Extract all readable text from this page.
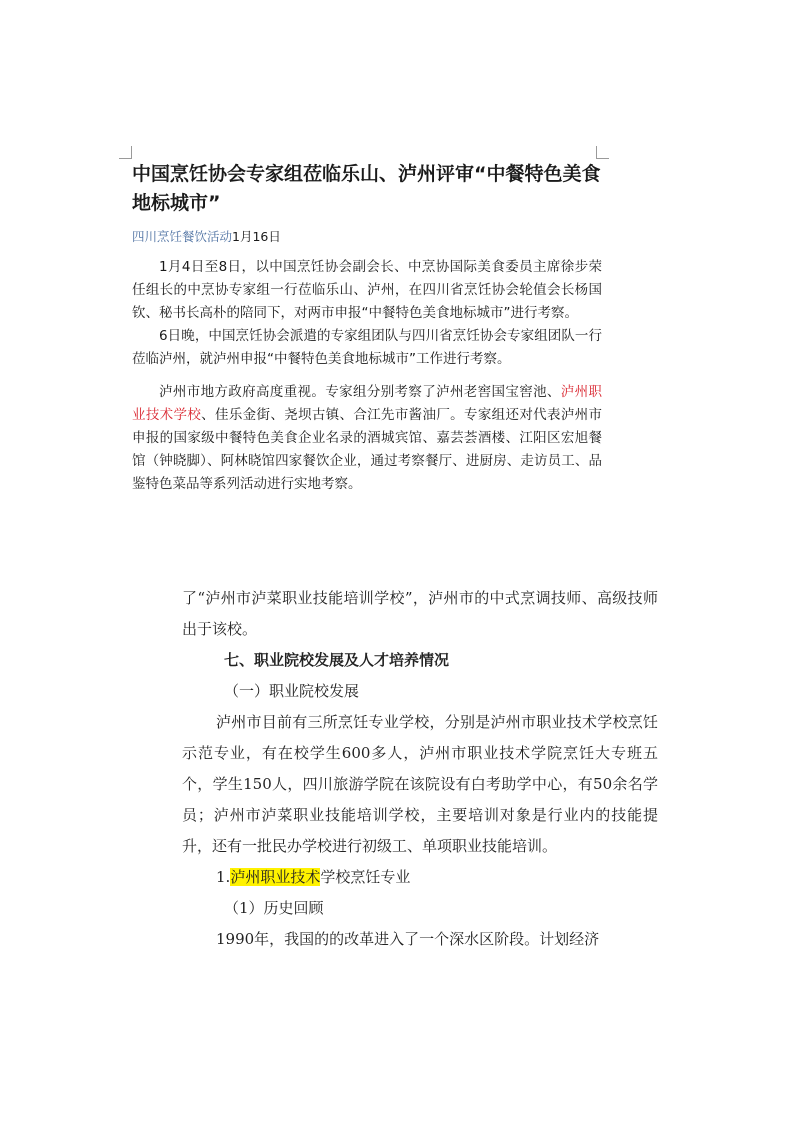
中国烹饪协会专家组莅临乐山、泸州评审“中餐特色美食地标城市”
四川烹饪餐饮活动1月16日

1月4日至8日，以中国烹饪协会副会长、中烹协国际美食委员主席徐步荣任组长的中烹协专家组一行莅临乐山、泸州，在四川省烹饪协会轮值会长杨国钦、秘书长高朴的陪同下，对两市申报“中餐特色美食地标城市”进行考察。

6日晚，中国烹饪协会派遣的专家组团队与四川省烹饪协会专家组团队一行莅临泸州，就泸州申报“中餐特色美食地标城市”工作进行考察。

泸州市地方政府高度重视。专家组分别考察了泸州老窖国宝窖池、泸州职业技术学校、佳乐金街、尧坝古镇、合江先市酱油厂。专家组还对代表泸州市申报的国家级中餐特色美食企业名录的酒城宾馆、嘉芸荟酒楼、江阳区宏旭餐馆（钟晓脚）、阿林晓馆四家餐饮企业，通过考察餐厅、进厨房、走访员工、品鉴特色菜品等系列活动进行实地考察。

了“泸州市泸菜职业技能培训学校”，泸州市的中式烹调技师、高级技师出于该校。

七、职业院校发展及人才培养情况

（一）职业院校发展

泸州市目前有三所烹饪专业学校，分别是泸州市职业技术学校烹饪示范专业，有在校学生600多人，泸州市职业技术学院烹饪大专班五个，学生150人，四川旅游学院在该院设有白考助学中心，有50余名学员；泸州市泸菜职业技能培训学校，主要培训对象是行业内的技能提升，还有一批民办学校进行初级工、单项职业技能培训。

1.泸州职业技术学校烹饪专业

（1）历史回顾

1990年，我国的的改革进入了一个深水区阶段。计划经济
